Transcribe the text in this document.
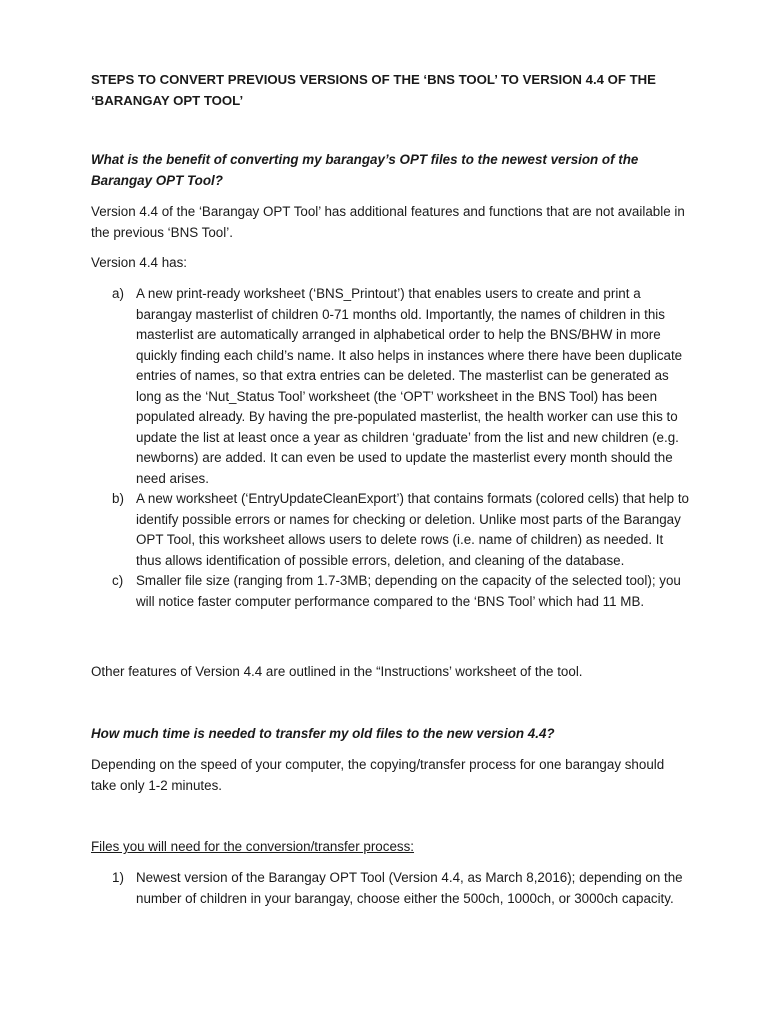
STEPS TO CONVERT PREVIOUS VERSIONS OF THE ‘BNS TOOL’ TO VERSION 4.4 OF THE ‘BARANGAY OPT TOOL’

What is the benefit of converting my barangay’s OPT files to the newest version of the Barangay OPT Tool?

Version 4.4 of the ‘Barangay OPT Tool’ has additional features and functions that are not available in the previous ‘BNS Tool’.

Version 4.4 has:

a) A new print-ready worksheet (‘BNS_Printout’) that enables users to create and print a barangay masterlist of children 0-71 months old. Importantly, the names of children in this masterlist are automatically arranged in alphabetical order to help the BNS/BHW in more quickly finding each child’s name. It also helps in instances where there have been duplicate entries of names, so that extra entries can be deleted. The masterlist can be generated as long as the ‘Nut_Status Tool’ worksheet (the ‘OPT’ worksheet in the BNS Tool) has been populated already. By having the pre-populated masterlist, the health worker can use this to update the list at least once a year as children ‘graduate’ from the list and new children (e.g. newborns) are added. It can even be used to update the masterlist every month should the need arises.
b) A new worksheet (‘EntryUpdateCleanExport’) that contains formats (colored cells) that help to identify possible errors or names for checking or deletion. Unlike most parts of the Barangay OPT Tool, this worksheet allows users to delete rows (i.e. name of children) as needed. It thus allows identification of possible errors, deletion, and cleaning of the database.
c) Smaller file size (ranging from 1.7-3MB; depending on the capacity of the selected tool); you will notice faster computer performance compared to the ‘BNS Tool’ which had 11 MB.

Other features of Version 4.4 are outlined in the “Instructions’ worksheet of the tool.

How much time is needed to transfer my old files to the new version 4.4?

Depending on the speed of your computer, the copying/transfer process for one barangay should take only 1-2 minutes.

Files you will need for the conversion/transfer process:

1) Newest version of the Barangay OPT Tool (Version 4.4, as March 8,2016); depending on the number of children in your barangay, choose either the 500ch, 1000ch, or 3000ch capacity.
